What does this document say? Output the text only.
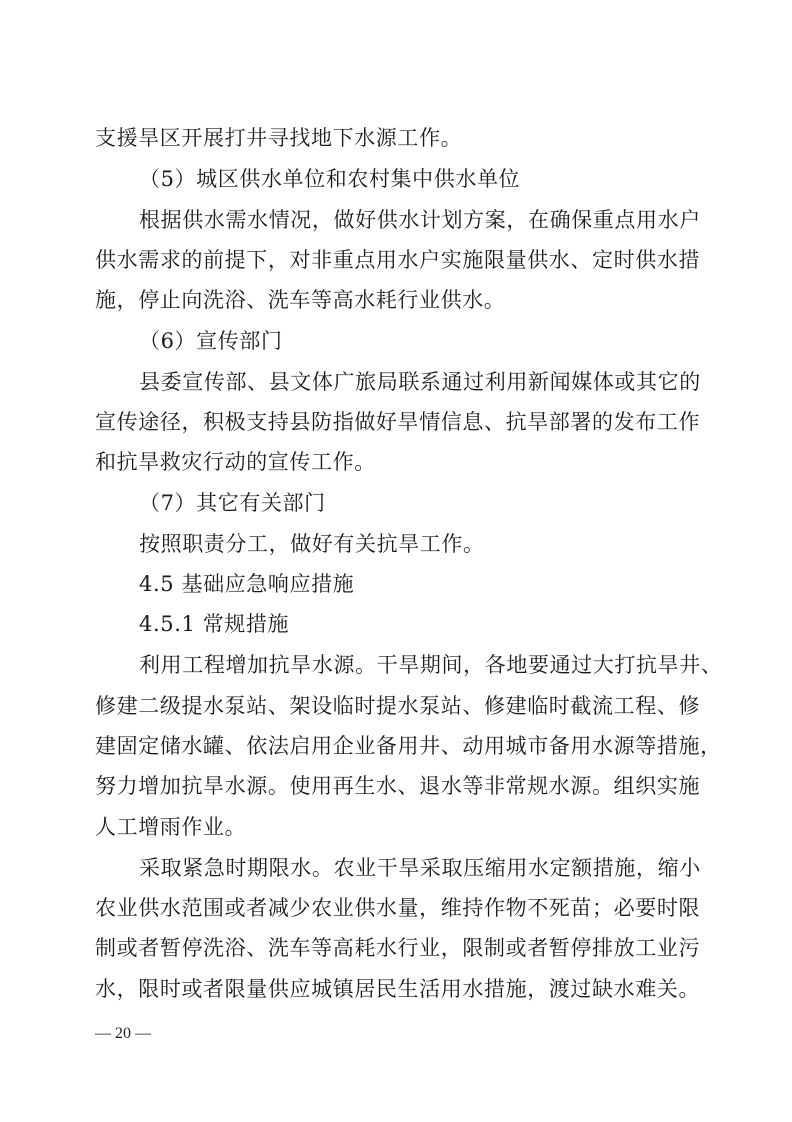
支援旱区开展打井寻找地下水源工作。
（5）城区供水单位和农村集中供水单位
根 据 供 水 需 水 情 况 ， 做 好 供 水 计 划 方 案 ， 在 确 保 重 点 用 水 户
供 水 需 求 的 前 提 下 ， 对 非 重 点 用 水 户 实 施 限 量 供 水 、 定 时 供 水 措
施，停止向洗浴、洗车等高水耗行业供水。
（6）宣传部门
县 委 宣 传 部 、 县 文 体 广 旅 局 联 系 通 过 利 用 新 闻 媒 体 或 其 它 的
宣 传 途 径 ， 积 极 支 持 县 防 指 做 好 旱 情 信 息 、 抗 旱 部 署 的 发 布 工 作
和抗旱救灾行动的宣传工作。
（7）其它有关部门
按照职责分工，做好有关抗旱工作。
4.5 基础应急响应措施
4.5.1 常规措施
利 用 工 程 增 加 抗 旱 水 源 。 干 旱 期 间 ， 各 地 要 通 过 大 打 抗 旱 井 、
修 建 二 级 提 水 泵 站 、 架 设 临 时 提 水 泵 站 、 修 建 临 时 截 流 工 程 、 修
建 固 定 储 水 罐 、 依 法 启 用 企 业 备 用 井 、 动 用 城 市 备 用 水 源 等 措 施 ，
努 力 增 加 抗 旱 水 源 。 使 用 再 生 水 、 退 水 等 非 常 规 水 源 。 组 织 实 施
人工增雨作业。
采 取 紧 急 时 期 限 水 。 农 业 干 旱 采 取 压 缩 用 水 定 额 措 施 ， 缩 小
农 业 供 水 范 围 或 者 减 少 农 业 供 水 量 ， 维 持 作 物 不 死 苗 ； 必 要 时 限
制 或 者 暂 停 洗 浴 、 洗 车 等 高 耗 水 行 业 ， 限 制 或 者 暂 停 排 放 工 业 污
水 ， 限 时 或 者 限 量 供 应 城 镇 居 民 生 活 用 水 措 施 ， 渡 过 缺 水 难 关 。
— 20 —
